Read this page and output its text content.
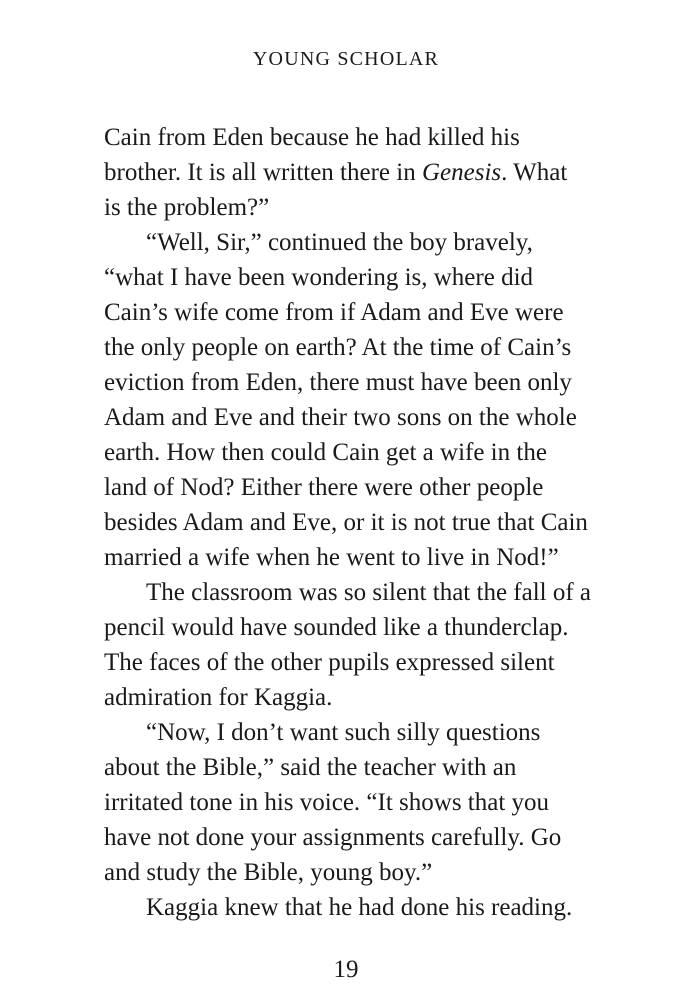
YOUNG SCHOLAR
Cain from Eden because he had killed his
brother. It is all written there in Genesis. What
is the problem?”
“Well, Sir,” continued the boy bravely,
“what I have been wondering is, where did
Cain’s wife come from if Adam and Eve were
the only people on earth? At the time of Cain’s
eviction from Eden, there must have been only
Adam and Eve and their two sons on the whole
earth. How then could Cain get a wife in the
land of Nod? Either there were other people
besides Adam and Eve, or it is not true that Cain
married a wife when he went to live in Nod!”
The classroom was so silent that the fall of a
pencil would have sounded like a thunderclap.
The faces of the other pupils expressed silent
admiration for Kaggia.
“Now, I don’t want such silly questions
about the Bible,” said the teacher with an
irritated tone in his voice. “It shows that you
have not done your assignments carefully. Go
and study the Bible, young boy.”
Kaggia knew that he had done his reading.
19
